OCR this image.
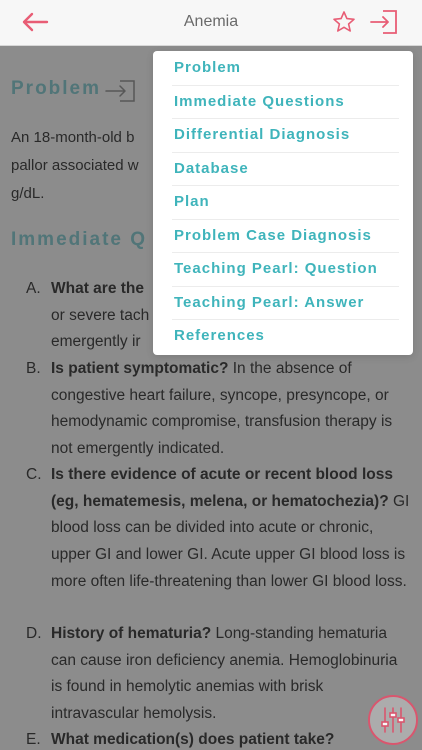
Anemia
Problem
Immediate Questions
Differential Diagnosis
Database
Plan
Problem Case Diagnosis
Teaching Pearl: Question
Teaching Pearl: Answer
References
